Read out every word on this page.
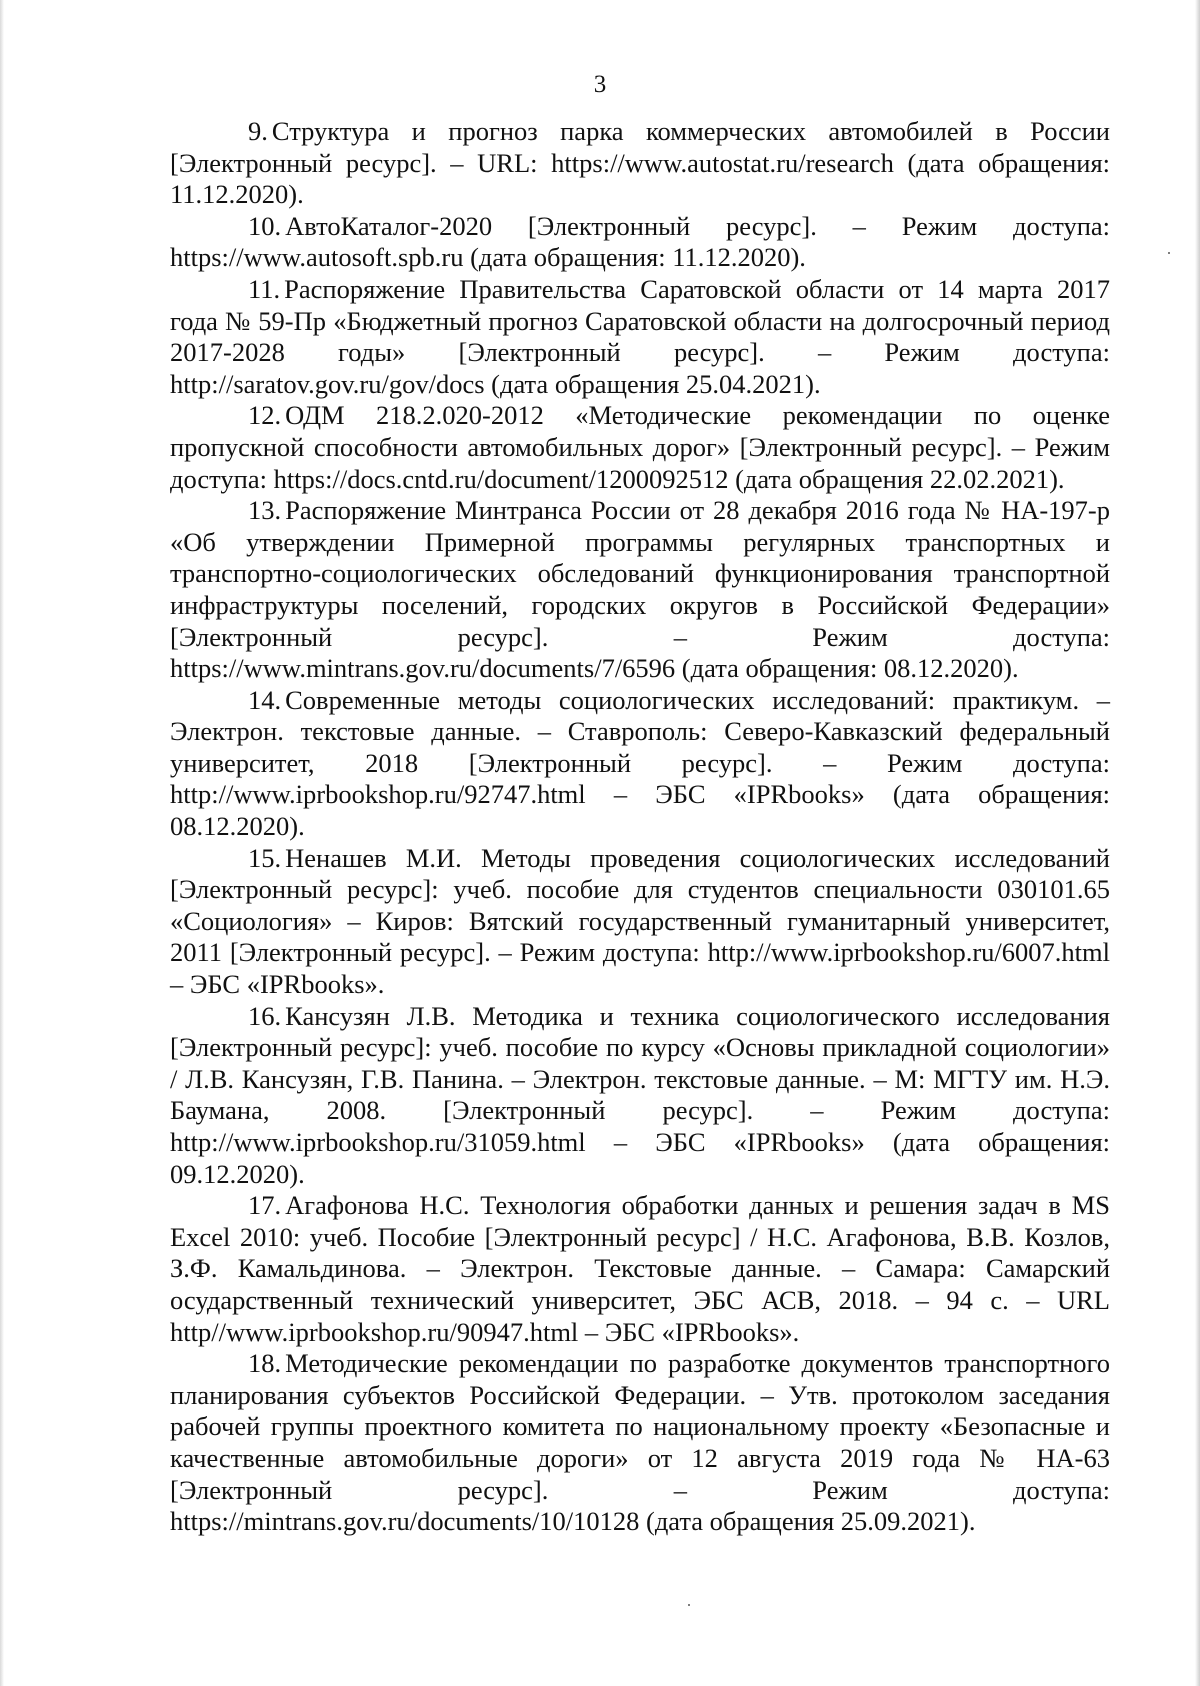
3

9. Структура и прогноз парка коммерческих автомобилей в России [Электронный ресурс]. – URL: https://www.autostat.ru/research (дата обращения: 11.12.2020).

10. АвтоКаталог-2020 [Электронный ресурс]. – Режим доступа: https://www.autosoft.spb.ru (дата обращения: 11.12.2020).

11. Распоряжение Правительства Саратовской области от 14 марта 2017 года № 59-Пр «Бюджетный прогноз Саратовской области на долгосрочный период 2017-2028 годы» [Электронный ресурс]. – Режим доступа: http://saratov.gov.ru/gov/docs (дата обращения 25.04.2021).

12. ОДМ 218.2.020-2012 «Методические рекомендации по оценке пропускной способности автомобильных дорог» [Электронный ресурс]. – Режим доступа: https://docs.cntd.ru/document/1200092512 (дата обращения 22.02.2021).

13. Распоряжение Минтранса России от 28 декабря 2016 года № НА-197-р «Об утверждении Примерной программы регулярных транспортных и транспортно-социологических обследований функционирования транспортной инфраструктуры поселений, городских округов в Российской Федерации» [Электронный ресурс]. – Режим доступа: https://www.mintrans.gov.ru/documents/7/6596 (дата обращения: 08.12.2020).

14. Современные методы социологических исследований: практикум. – Электрон. текстовые данные. – Ставрополь: Северо-Кавказский федеральный университет, 2018 [Электронный ресурс]. – Режим доступа: http://www.iprbookshop.ru/92747.html – ЭБС «IPRbooks» (дата обращения: 08.12.2020).

15. Ненашев М.И. Методы проведения социологических исследований [Электронный ресурс]: учеб. пособие для студентов специальности 030101.65 «Социология» – Киров: Вятский государственный гуманитарный университет, 2011 [Электронный ресурс]. – Режим доступа: http://www.iprbookshop.ru/6007.html – ЭБС «IPRbooks».

16. Кансузян Л.В. Методика и техника социологического исследования [Электронный ресурс]: учеб. пособие по курсу «Основы прикладной социологии» / Л.В. Кансузян, Г.В. Панина. – Электрон. текстовые данные. – М: МГТУ им. Н.Э. Баумана, 2008. [Электронный ресурс]. – Режим доступа: http://www.iprbookshop.ru/31059.html – ЭБС «IPRbooks» (дата обращения: 09.12.2020).

17. Агафонова Н.С. Технология обработки данных и решения задач в MS Excel 2010: учеб. Пособие [Электронный ресурс] / Н.С. Агафонова, В.В. Козлов, З.Ф. Камальдинова. – Электрон. Текстовые данные. – Самара: Самарский осударственный технический университет, ЭБС АСВ, 2018. – 94 с. – URL http//www.iprbookshop.ru/90947.html – ЭБС «IPRbooks».

18. Методические рекомендации по разработке документов транспортного планирования субъектов Российской Федерации. – Утв. протоколом заседания рабочей группы проектного комитета по национальному проекту «Безопасные и качественные автомобильные дороги» от 12 августа 2019 года № НА-63 [Электронный ресурс]. – Режим доступа: https://mintrans.gov.ru/documents/10/10128 (дата обращения 25.09.2021).
